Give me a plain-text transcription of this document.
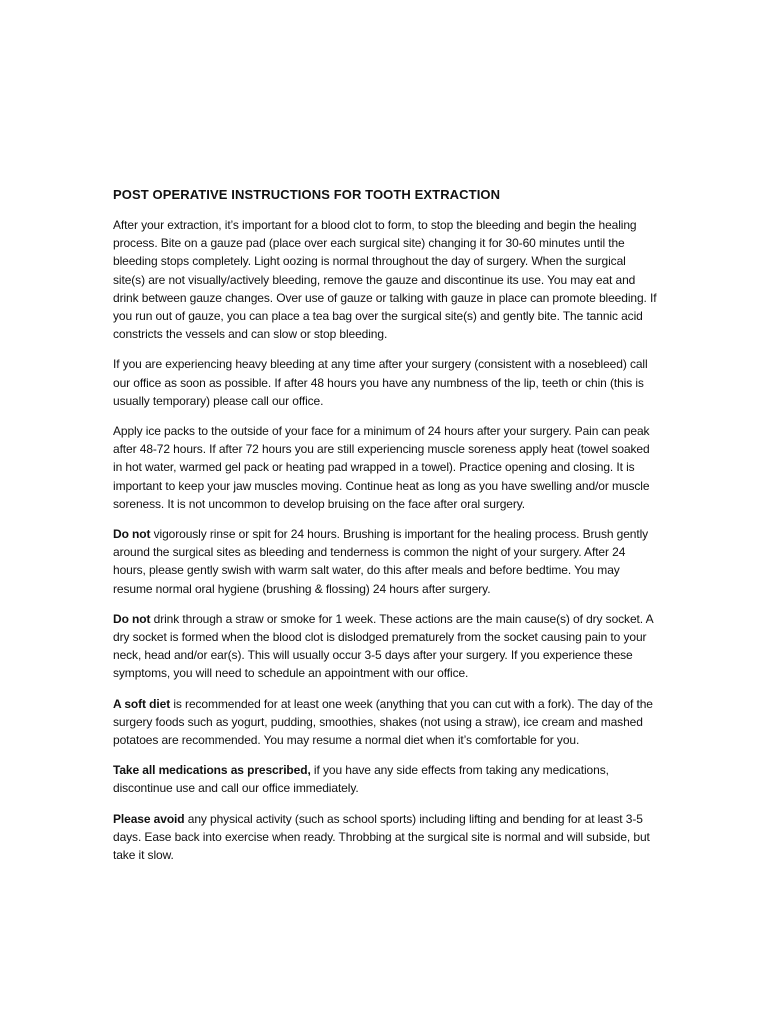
POST OPERATIVE INSTRUCTIONS FOR TOOTH EXTRACTION

After your extraction, it’s important for a blood clot to form, to stop the bleeding and begin the healing process. Bite on a gauze pad (place over each surgical site) changing it for 30-60 minutes until the bleeding stops completely. Light oozing is normal throughout the day of surgery. When the surgical site(s) are not visually/actively bleeding, remove the gauze and discontinue its use. You may eat and drink between gauze changes. Over use of gauze or talking with gauze in place can promote bleeding. If you run out of gauze, you can place a tea bag over the surgical site(s) and gently bite. The tannic acid constricts the vessels and can slow or stop bleeding.

If you are experiencing heavy bleeding at any time after your surgery (consistent with a nosebleed) call our office as soon as possible. If after 48 hours you have any numbness of the lip, teeth or chin (this is usually temporary) please call our office.

Apply ice packs to the outside of your face for a minimum of 24 hours after your surgery. Pain can peak after 48-72 hours. If after 72 hours you are still experiencing muscle soreness apply heat (towel soaked in hot water, warmed gel pack or heating pad wrapped in a towel). Practice opening and closing. It is important to keep your jaw muscles moving. Continue heat as long as you have swelling and/or muscle soreness. It is not uncommon to develop bruising on the face after oral surgery.

Do not vigorously rinse or spit for 24 hours. Brushing is important for the healing process. Brush gently around the surgical sites as bleeding and tenderness is common the night of your surgery. After 24 hours, please gently swish with warm salt water, do this after meals and before bedtime. You may resume normal oral hygiene (brushing & flossing) 24 hours after surgery.

Do not drink through a straw or smoke for 1 week. These actions are the main cause(s) of dry socket. A dry socket is formed when the blood clot is dislodged prematurely from the socket causing pain to your neck, head and/or ear(s). This will usually occur 3-5 days after your surgery. If you experience these symptoms, you will need to schedule an appointment with our office.

A soft diet is recommended for at least one week (anything that you can cut with a fork). The day of the surgery foods such as yogurt, pudding, smoothies, shakes (not using a straw), ice cream and mashed potatoes are recommended. You may resume a normal diet when it’s comfortable for you.

Take all medications as prescribed, if you have any side effects from taking any medications, discontinue use and call our office immediately.

Please avoid any physical activity (such as school sports) including lifting and bending for at least 3-5 days. Ease back into exercise when ready. Throbbing at the surgical site is normal and will subside, but take it slow.
